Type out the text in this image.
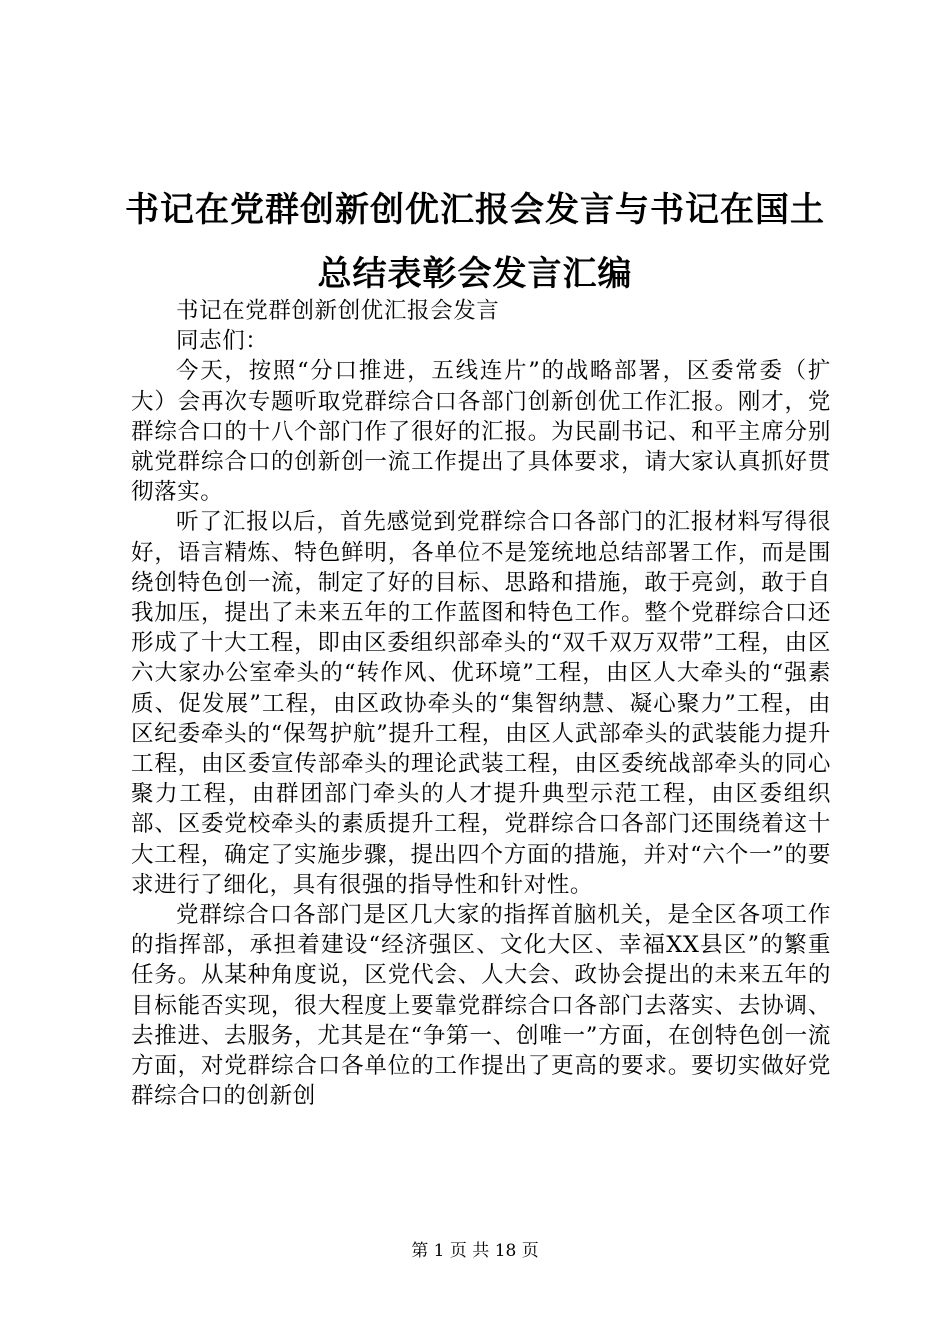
书记在党群创新创优汇报会发言与书记在国土
总结表彰会发言汇编

书记在党群创新创优汇报会发言

同志们：

今天，按照“分口推进，五线连片”的战略部署，区委常委（扩大）会再次专题听取党群综合口各部门创新创优工作汇报。刚才，党群综合口的十八个部门作了很好的汇报。为民副书记、和平主席分别就党群综合口的创新创一流工作提出了具体要求，请大家认真抓好贯彻落实。

听了汇报以后，首先感觉到党群综合口各部门的汇报材料写得很好，语言精炼、特色鲜明，各单位不是笼统地总结部署工作，而是围绕创特色创一流，制定了好的目标、思路和措施，敢于亮剑，敢于自我加压，提出了未来五年的工作蓝图和特色工作。整个党群综合口还形成了十大工程，即由区委组织部牵头的“双千双万双带”工程，由区六大家办公室牵头的“转作风、优环境”工程，由区人大牵头的“强素质、促发展”工程，由区政协牵头的“集智纳慧、凝心聚力”工程，由区纪委牵头的“保驾护航”提升工程，由区人武部牵头的武装能力提升工程，由区委宣传部牵头的理论武装工程，由区委统战部牵头的同心聚力工程，由群团部门牵头的人才提升典型示范工程，由区委组织部、区委党校牵头的素质提升工程，党群综合口各部门还围绕着这十大工程，确定了实施步骤，提出四个方面的措施，并对“六个一”的要求进行了细化，具有很强的指导性和针对性。

党群综合口各部门是区几大家的指挥首脑机关，是全区各项工作的指挥部，承担着建设“经济强区、文化大区、幸福XX县区”的繁重任务。从某种角度说，区党代会、人大会、政协会提出的未来五年的目标能否实现，很大程度上要靠党群综合口各部门去落实、去协调、去推进、去服务，尤其是在“争第一、创唯一”方面，在创特色创一流方面，对党群综合口各单位的工作提出了更高的要求。要切实做好党群综合口的创新创

第 1 页 共 18 页
